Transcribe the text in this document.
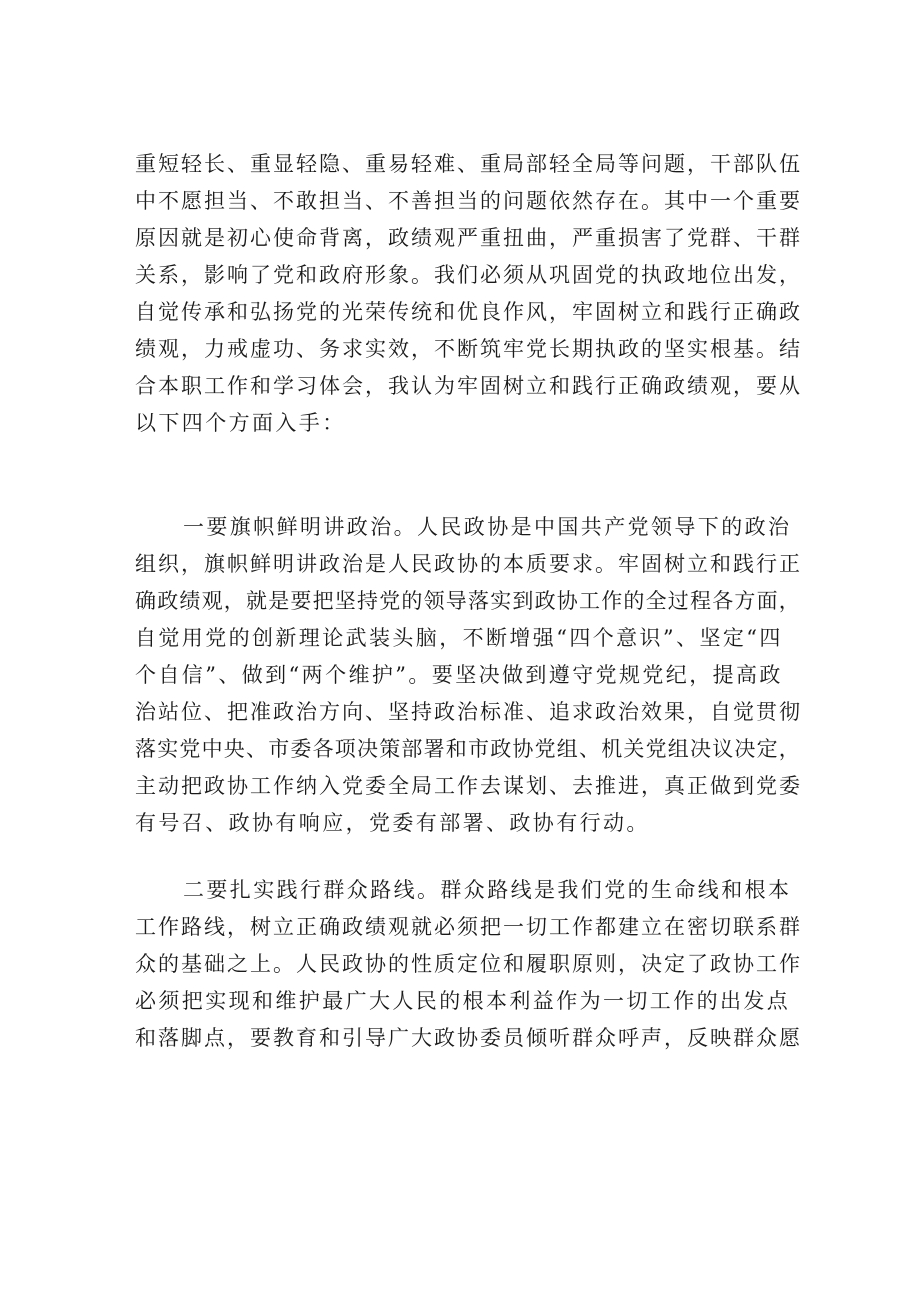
重短轻长、重显轻隐、重易轻难、重局部轻全局等问题，干部队伍
中不愿担当、不敢担当、不善担当的问题依然存在。其中一个重要
原因就是初心使命背离，政绩观严重扭曲，严重损害了党群、干群
关系，影响了党和政府形象。我们必须从巩固党的执政地位出发，
自觉传承和弘扬党的光荣传统和优良作风，牢固树立和践行正确政
绩观，力戒虚功、务求实效，不断筑牢党长期执政的坚实根基。结
合本职工作和学习体会，我认为牢固树立和践行正确政绩观，要从
以下四个方面入手：
一要旗帜鲜明讲政治。人民政协是中国共产党领导下的政治
组织，旗帜鲜明讲政治是人民政协的本质要求。牢固树立和践行正
确政绩观，就是要把坚持党的领导落实到政协工作的全过程各方面，
自觉用党的创新理论武装头脑，不断增强“四个意识”、坚定“四
个自信”、做到“两个维护”。要坚决做到遵守党规党纪，提高政
治站位、把准政治方向、坚持政治标准、追求政治效果，自觉贯彻
落实党中央、市委各项决策部署和市政协党组、机关党组决议决定，
主动把政协工作纳入党委全局工作去谋划、去推进，真正做到党委
有号召、政协有响应，党委有部署、政协有行动。
二要扎实践行群众路线。群众路线是我们党的生命线和根本
工作路线，树立正确政绩观就必须把一切工作都建立在密切联系群
众的基础之上。人民政协的性质定位和履职原则，决定了政协工作
必须把实现和维护最广大人民的根本利益作为一切工作的出发点
和落脚点，要教育和引导广大政协委员倾听群众呼声，反映群众愿
